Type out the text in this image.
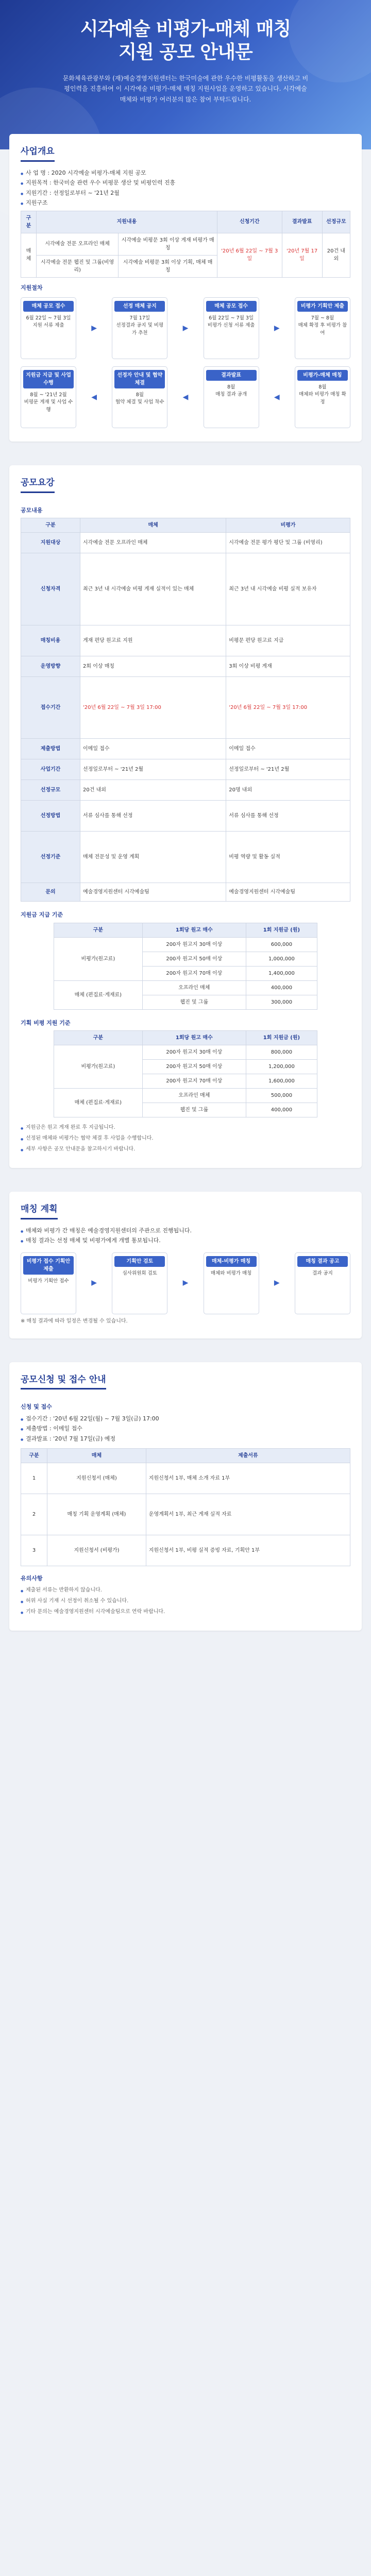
시각예술 비평가-매체 매칭
지원 공모 안내문

문화체육관광부와 (재)예술경영지원센터는 한국미술에 관한 우수한 비평활동을 생산하고 비평인력을 진흥하여 이 시각예술 비평가-매체 매칭 지원사업을 운영하고 있습니다. 시각예술 매체와 비평가 여러분의 많은 참여 부탁드립니다.

사업개요
● 사 업 명 : 2020 시각예술 비평가-매체 지원 공모
● 지원목적 : 한국미술 관련 우수 비평문 생산 및 비평인력 진흥
● 지원기간 : 선정일로부터 ~ '21년 2월
● 지원구조
구분	지원내용		신청기간	결과발표	선정규모
매체	시각예술 전문 오프라인 매체	시각예술 비평문 3회 이상 게재 비평가 매칭	'20년 6월 22일 ~ 7월 3일	'20년 7월 17일	20건 내외
	시각예술 전문 웹진 및 그룹(비영리)	시각예술 비평문 3회 이상 기획, 매체 매칭			
지원절차
매체 공모 접수
6월 22일 ~ 7월 3일
지원 서류 제출	▶
선정 매체 공지
7월 17일
선정결과 공지 및 비평가 추천
▶
매체 공모 접수
6월 22일 ~ 7월 3일
비평가 신청 서류 제출	▶
비평가 기획안 제출
7월 ~ 8월
매체 확정 후 비평가 참여
지원금 지급 및 사업수행
8월 ~ '21년 2월
비평문 게재 및 사업 수행
◀
선정자 안내 및 협약 체결
8월
협약 체결 및 사업 착수
◀
결과발표
8월
매칭 결과 공개	◀
비평가-매체 매칭
8월
매체와 비평가 매칭 확정
공모요강
공모내용
구분	매체	비평가
지원대상	시각예술 전문 오프라인 매체	시각예술 전문 평가 평단 및 그룹 (비영리)
신청자격	최근 3년 내 시각예술 비평 게재 실적이 있는 매체	최근 3년 내 시각예술 비평 실적 보유자
매칭비용	게재 편당 원고료 지원	비평문 편당 원고료 지급
운영방향	2회 이상 매칭	3회 이상 비평 게재
접수기간	'20년 6월 22일 ~ 7월 3일 17:00	'20년 6월 22일 ~ 7월 3일 17:00
제출방법	이메일 접수	이메일 접수
사업기간	선정일로부터 ~ '21년 2월	선정일로부터 ~ '21년 2월
선정규모	20건 내외	20명 내외
선정방법	서류 심사를 통해 선정	서류 심사를 통해 선정
선정기준	매체 전문성 및 운영 계획	비평 역량 및 활동 실적
문의	예술경영지원센터 시각예술팀	예술경영지원센터 시각예술팀
지원금 지급 기준
구분	1회당 원고 매수	1회 지원금 (원)
비평가(원고료)	200자 원고지 30매 이상	600,000
	200자 원고지 50매 이상	1,000,000
	200자 원고지 70매 이상	1,400,000
매체 (편집료·게재료)	오프라인 매체	400,000
	웹진 및 그룹	300,000
기획 비평 지원 기준
구분	1회당 원고 매수	1회 지원금 (원)
비평가(원고료)	200자 원고지 30매 이상	800,000
	200자 원고지 50매 이상	1,200,000
	200자 원고지 70매 이상	1,600,000
매체 (편집료·게재료)	오프라인 매체	500,000
	웹진 및 그룹	400,000
● 지원금은 원고 게재 완료 후 지급됩니다.
● 선정된 매체와 비평가는 협약 체결 후 사업을 수행합니다.
● 세부 사항은 공모 안내문을 참고하시기 바랍니다.
매칭 계획
● 매체와 비평가 간 매칭은 예술경영지원센터의 주관으로 진행됩니다.
● 매칭 결과는 선정 매체 및 비평가에게 개별 통보됩니다.
비평가 접수 기획안 제출
비평가 기획안 접수	▶
기획안 검토
심사위원회 검토
▶
매체-비평가 매칭
매체와 비평가 매칭
▶
매칭 결과 공고
결과 공지
※ 매칭 결과에 따라 일정은 변경될 수 있습니다.
공모신청 및 접수 안내
신청 및 접수
● 접수기간 : '20년 6월 22일(월) ~ 7월 3일(금) 17:00
● 제출방법 : 이메일 접수
● 결과발표 : '20년 7월 17일(금) 예정
구분	매체	제출서류
1	지원신청서 (매체)	지원신청서 1부, 매체 소개 자료 1부
2	매칭 기획 운영계획 (매체)	운영계획서 1부, 최근 게재 실적 자료
3	지원신청서 (비평가)	지원신청서 1부, 비평 실적 증빙 자료, 기획안 1부
유의사항
● 제출된 서류는 반환하지 않습니다.
● 허위 사실 기재 시 선정이 취소될 수 있습니다.
● 기타 문의는 예술경영지원센터 시각예술팀으로 연락 바랍니다.
